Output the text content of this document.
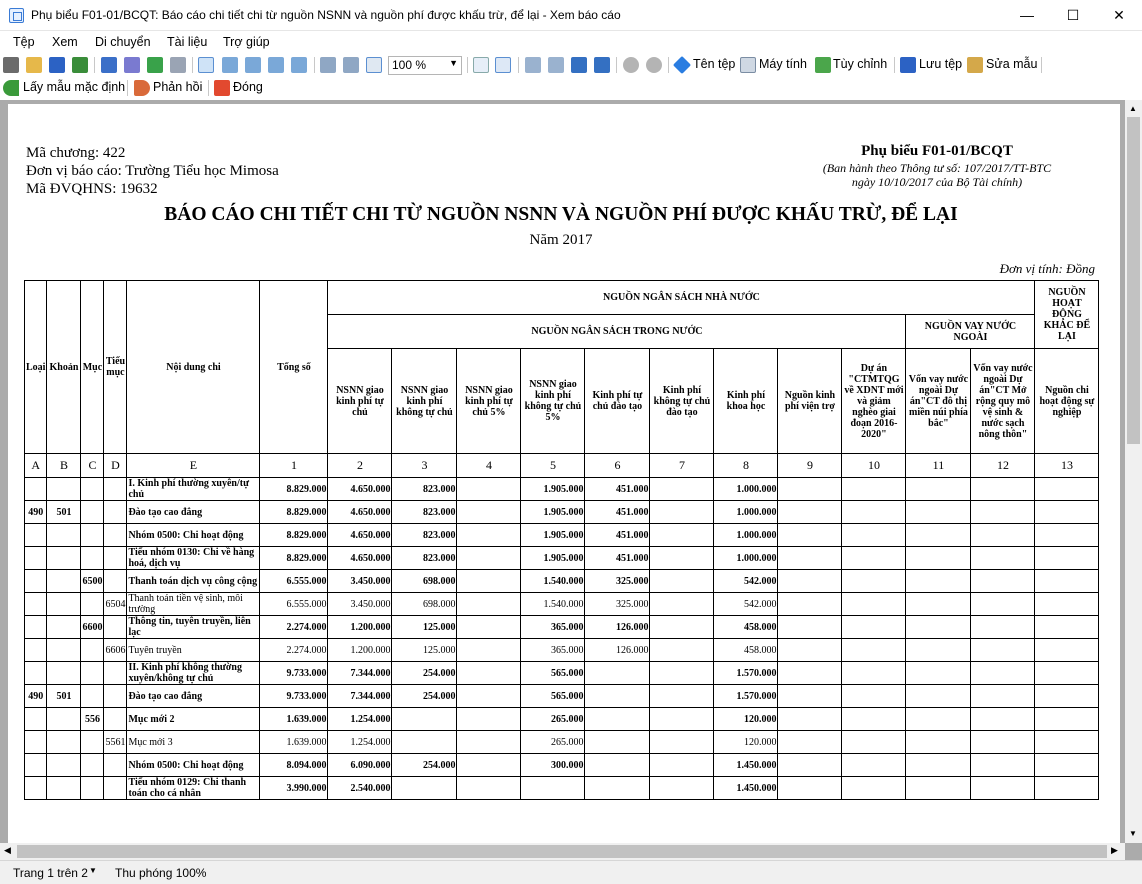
Phụ biểu F01-01/BCQT: Báo cáo chi tiết chi từ nguồn NSNN và nguồn phí được khấu trừ, để lại - Xem báo cáo	—	☐	✕
Tệp Xem Di chuyển Tài liệu Trợ giúp
100 %	▼	Tên tệp Máy tính Tùy chỉnh	Lưu tệp Sửa mẫu
Lấy mẫu mặc định Phản hồi Đóng
Mã chương: 422
Đơn vị báo cáo: Trường Tiểu học Mimosa
Mã ĐVQHNS: 19632
Phụ biểu F01-01/BCQT
(Ban hành theo Thông tư số: 107/2017/TT-BTC
ngày 10/10/2017 của Bộ Tài chính)
BÁO CÁO CHI TIẾT CHI TỪ NGUỒN NSNN VÀ NGUỒN PHÍ ĐƯỢC KHẤU TRỪ, ĐỂ LẠI
Năm 2017
Đơn vị tính: Đồng
Loại	Khoản	Mục	Tiểu mục	Nội dung chi	Tổng số	NGUỒN NGÂN SÁCH NHÀ NƯỚC											NGUỒN HOẠT ĐỘNG KHÁC ĐỂ LẠI
						NGUỒN NGÂN SÁCH TRONG NƯỚC									NGUỒN VAY NƯỚC NGOÀI		
						NSNN giao kinh phí tự chủ	NSNN giao kinh phí không tự chủ	NSNN giao kinh phí tự chủ 5%	NSNN giao kinh phí không tự chủ 5%	Kinh phí tự chủ đào tạo	Kinh phí không tự chủ đào tạo	Kinh phí khoa học	Nguồn kinh phí viện trợ	Dự án "CTMTQG về XDNT mới và giảm nghèo giai đoạn 2016-2020"	Vốn vay nước ngoài Dự án"CT đô thị miền núi phía bắc"	Vốn vay nước ngoài Dự án"CT Mở rộng quy mô vệ sinh & nước sạch nông thôn"	Nguồn chi hoạt động sự nghiệp
A	B	C	D	E	1	2	3	4	5	6	7	8	9	10	11	12	13
				I. Kinh phí thường xuyên/tự chủ	8.829.000	4.650.000	823.000		1.905.000	451.000		1.000.000					
490	501			Đào tạo cao đẳng	8.829.000	4.650.000	823.000		1.905.000	451.000		1.000.000					
				Nhóm 0500: Chi hoạt động	8.829.000	4.650.000	823.000		1.905.000	451.000		1.000.000					
				Tiểu nhóm 0130: Chi về hàng hoá, dịch vụ	8.829.000	4.650.000	823.000		1.905.000	451.000		1.000.000					
		6500		Thanh toán dịch vụ công cộng	6.555.000	3.450.000	698.000		1.540.000	325.000		542.000					
			6504	Thanh toán tiền vệ sinh, môi trường	6.555.000	3.450.000	698.000		1.540.000	325.000		542.000					
		6600		Thông tin, tuyên truyền, liên lạc	2.274.000	1.200.000	125.000		365.000	126.000		458.000					
			6606	Tuyên truyền	2.274.000	1.200.000	125.000		365.000	126.000		458.000					
				II. Kinh phí không thường xuyên/không tự chủ	9.733.000	7.344.000	254.000		565.000			1.570.000					
490	501			Đào tạo cao đẳng	9.733.000	7.344.000	254.000		565.000			1.570.000					
		556		Mục mới 2	1.639.000	1.254.000			265.000			120.000					
			5561	Mục mới 3	1.639.000	1.254.000			265.000			120.000					
				Nhóm 0500: Chi hoạt động	8.094.000	6.090.000	254.000		300.000			1.450.000					
				Tiểu nhóm 0129: Chi thanh toán cho cá nhân	3.990.000	2.540.000						1.450.000					
▲
▼
◀	▶
Trang 1 trên 2 ▼ Thu phóng 100%
